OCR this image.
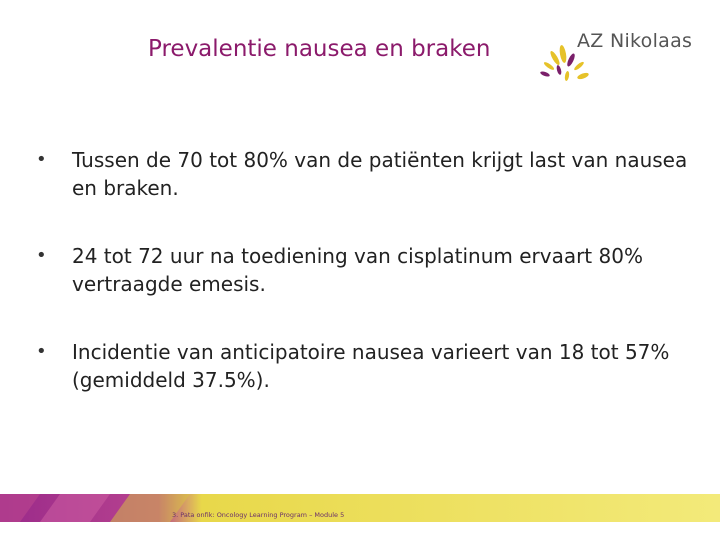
Prevalentie nausea en braken	AZ Nikolaas
• Tussen de 70 tot 80% van de patiënten krijgt last van nausea en braken.
• 24 tot 72 uur na toediening van cisplatinum ervaart 80% vertraagde emesis.
• Incidentie van anticipatoire nausea varieert van 18 tot 57% (gemiddeld 37.5%).
3. Pata onfik: Oncology Learning Program – Module 5
